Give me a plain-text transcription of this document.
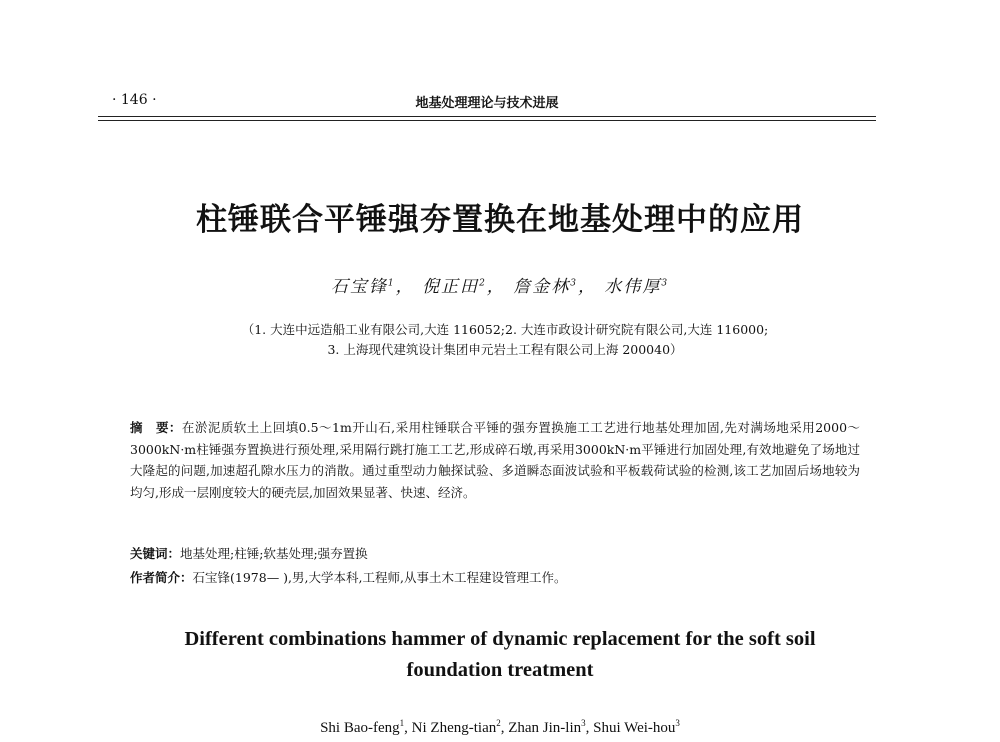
· 146 ·	地基处理理论与技术进展
柱锤联合平锤强夯置换在地基处理中的应用
石宝锋$^1$， 倪正田$^2$， 詹金林$^3$， 水伟厚$^3$
（1. 大连中远造船工业有限公司,大连 116052;2. 大连市政设计研究院有限公司,大连 116000;
3. 上海现代建筑设计集团申元岩土工程有限公司上海 200040）
摘　要：在淤泥质软土上回填0.5～1m开山石,采用柱锤联合平锤的强夯置换施工工艺进行地基处理加固,先对满场地采用2000～3000kN·m柱锤强夯置换进行预处理,采用隔行跳打施工工艺,形成碎石墩,再采用3000kN·m平锤进行加固处理,有效地避免了场地过大隆起的问题,加速超孔隙水压力的消散。通过重型动力触探试验、多道瞬态面波试验和平板载荷试验的检测,该工艺加固后场地较为均匀,形成一层刚度较大的硬壳层,加固效果显著、快速、经济。
关键词：地基处理;柱锤;软基处理;强夯置换
作者简介：石宝锋(1978— ),男,大学本科,工程师,从事土木工程建设管理工作。
Different combinations hammer of dynamic replacement for the soft soil
foundation treatment
Shi Bao-feng$^1$, Ni Zheng-tian$^2$, Zhan Jin-lin$^3$, Shui Wei-hou$^3$
